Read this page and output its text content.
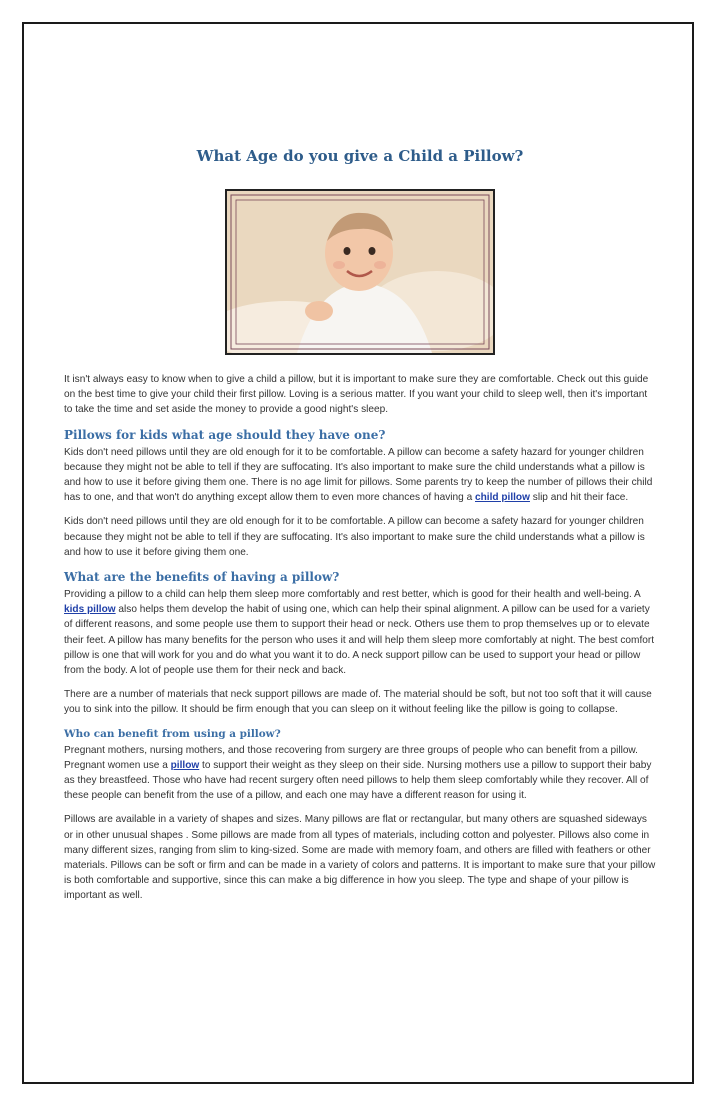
What Age do you give a Child a Pillow?

It isn't always easy to know when to give a child a pillow, but it is important to make sure they are comfortable. Check out this guide on the best time to give your child their first pillow. Loving is a serious matter. If you want your child to sleep well, then it's important to take the time and set aside the money to provide a good night's sleep.

Pillows for kids what age should they have one?

Kids don't need pillows until they are old enough for it to be comfortable. A pillow can become a safety hazard for younger children because they might not be able to tell if they are suffocating. It's also important to make sure the child understands what a pillow is and how to use it before giving them one. There is no age limit for pillows. Some parents try to keep the number of pillows their child has to one, and that won't do anything except allow them to even more chances of having a child pillow slip and hit their face.

Kids don't need pillows until they are old enough for it to be comfortable. A pillow can become a safety hazard for younger children because they might not be able to tell if they are suffocating. It's also important to make sure the child understands what a pillow is and how to use it before giving them one.

What are the benefits of having a pillow?

Providing a pillow to a child can help them sleep more comfortably and rest better, which is good for their health and well-being. A kids pillow also helps them develop the habit of using one, which can help their spinal alignment. A pillow can be used for a variety of different reasons, and some people use them to support their head or neck. Others use them to prop themselves up or to elevate their feet. A pillow has many benefits for the person who uses it and will help them sleep more comfortably at night. The best comfort pillow is one that will work for you and do what you want it to do. A neck support pillow can be used to support your head or pillow from the body. A lot of people use them for their neck and back.

There are a number of materials that neck support pillows are made of. The material should be soft, but not too soft that it will cause you to sink into the pillow. It should be firm enough that you can sleep on it without feeling like the pillow is going to collapse.

Who can benefit from using a pillow?

Pregnant mothers, nursing mothers, and those recovering from surgery are three groups of people who can benefit from a pillow. Pregnant women use a pillow to support their weight as they sleep on their side. Nursing mothers use a pillow to support their baby as they breastfeed. Those who have had recent surgery often need pillows to help them sleep comfortably while they recover. All of these people can benefit from the use of a pillow, and each one may have a different reason for using it.

Pillows are available in a variety of shapes and sizes. Many pillows are flat or rectangular, but many others are squashed sideways or in other unusual shapes . Some pillows are made from all types of materials, including cotton and polyester. Pillows also come in many different sizes, ranging from slim to king-sized. Some are made with memory foam, and others are filled with feathers or other materials. Pillows can be soft or firm and can be made in a variety of colors and patterns. It is important to make sure that your pillow is both comfortable and supportive, since this can make a big difference in how you sleep. The type and shape of your pillow is important as well.
